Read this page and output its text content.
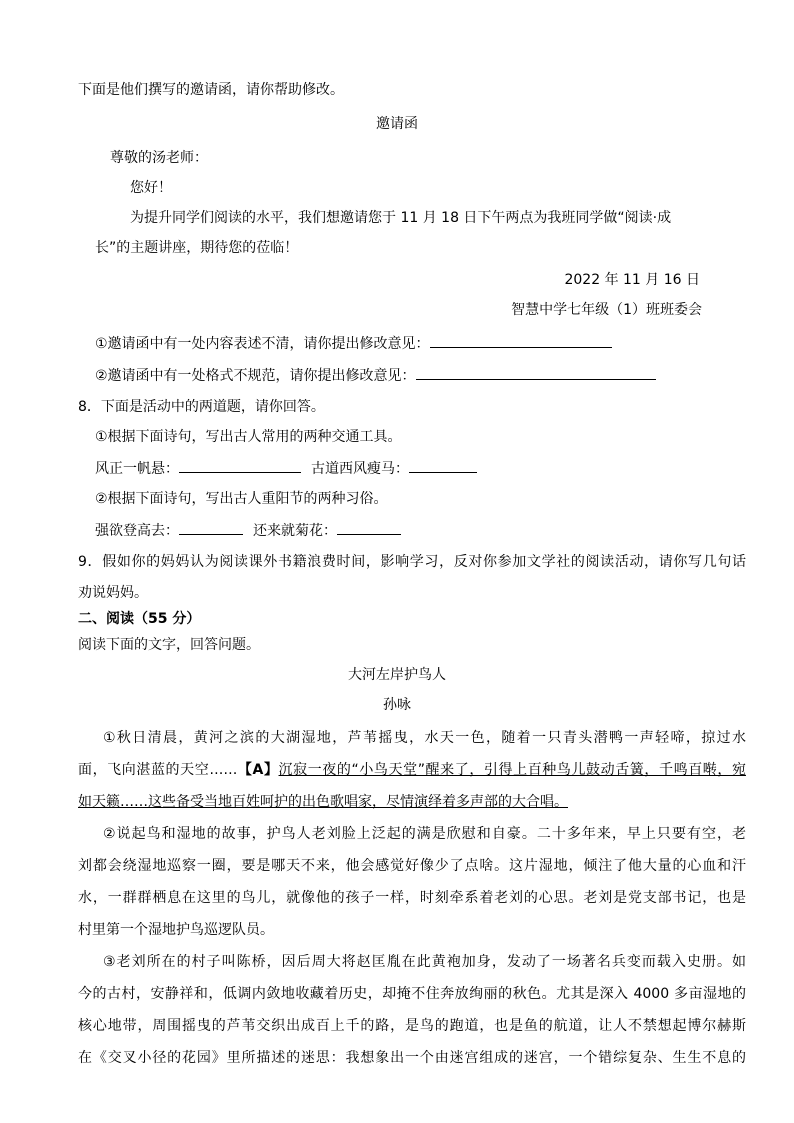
下面是他们撰写的邀请函，请你帮助修改。
邀请函
尊敬的汤老师：
您好！
为提升同学们阅读的水平，我们想邀请您于 11 月 18 日下午两点为我班同学做“阅读·成
长”的主题讲座，期待您的莅临！
2022 年 11 月 16 日
智慧中学七年级（1）班班委会
①邀请函中有一处内容表述不清，请你提出修改意见：
②邀请函中有一处格式不规范，请你提出修改意见：
8．下面是活动中的两道题，请你回答。
①根据下面诗句，写出古人常用的两种交通工具。
风正一帆悬：	古道西风瘦马：
②根据下面诗句，写出古人重阳节的两种习俗。
强欲登高去：	还来就菊花：
9．假如你的妈妈认为阅读课外书籍浪费时间，影响学习，反对你参加文学社的阅读活动，请你写几句话
劝说妈妈。
二、阅读（55 分）
阅读下面的文字，回答问题。
大河左岸护鸟人
孙咏
①秋日清晨，黄河之滨的大湖湿地，芦苇摇曳，水天一色，随着一只青头潜鸭一声轻啼，掠过水
面，飞向湛蓝的天空……【A】沉寂一夜的“小鸟天堂”醒来了，引得上百种鸟儿鼓动舌簧，千鸣百啭，宛
如天籁……这些备受当地百姓呵护的出色歌唱家，尽情演绎着多声部的大合唱。
②说起鸟和湿地的故事，护鸟人老刘脸上泛起的满是欣慰和自豪。二十多年来，早上只要有空，老
刘都会绕湿地巡察一圈，要是哪天不来，他会感觉好像少了点啥。这片湿地，倾注了他大量的心血和汗
水，一群群栖息在这里的鸟儿，就像他的孩子一样，时刻牵系着老刘的心思。老刘是党支部书记，也是
村里第一个湿地护鸟巡逻队员。
③老刘所在的村子叫陈桥，因后周大将赵匡胤在此黄袍加身，发动了一场著名兵变而载入史册。如
今的古村，安静祥和，低调内敛地收藏着历史，却掩不住奔放绚丽的秋色。尤其是深入 4000 多亩湿地的
核心地带，周围摇曳的芦苇交织出成百上千的路，是鸟的跑道，也是鱼的航道，让人不禁想起博尔赫斯
在《交叉小径的花园》里所描述的迷思：我想象出一个由迷宫组成的迷宫，一个错综复杂、生生不息的
